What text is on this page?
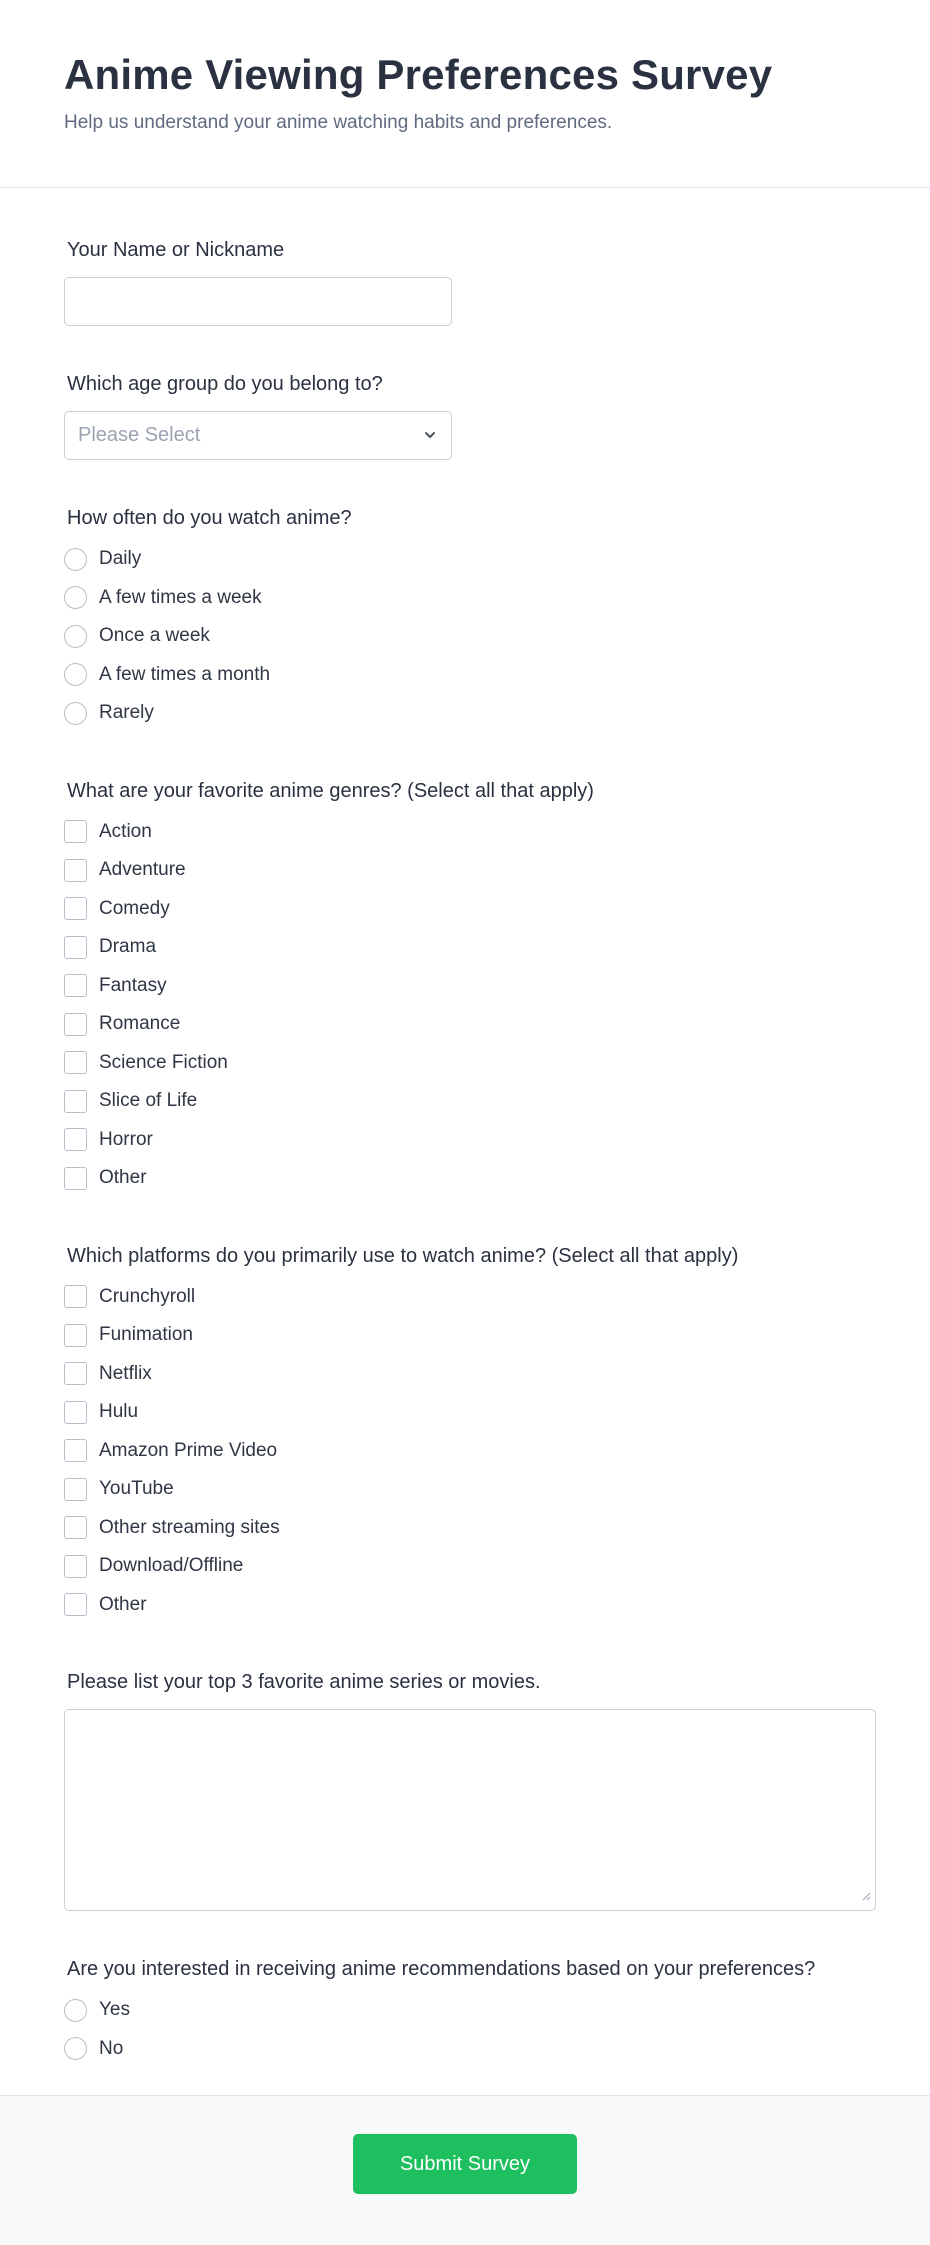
Anime Viewing Preferences Survey

Help us understand your anime watching habits and preferences.

Your Name or Nickname
Which age group do you belong to?
Please Select
How often do you watch anime?
Daily
A few times a week
Once a week
A few times a month
Rarely
What are your favorite anime genres? (Select all that apply)
Action
Adventure
Comedy
Drama
Fantasy
Romance
Science Fiction
Slice of Life
Horror
Other
Which platforms do you primarily use to watch anime? (Select all that apply)
Crunchyroll
Funimation
Netflix
Hulu
Amazon Prime Video
YouTube
Other streaming sites
Download/Offline
Other
Please list your top 3 favorite anime series or movies.
Are you interested in receiving anime recommendations based on your preferences?
Yes
No
Submit Survey
